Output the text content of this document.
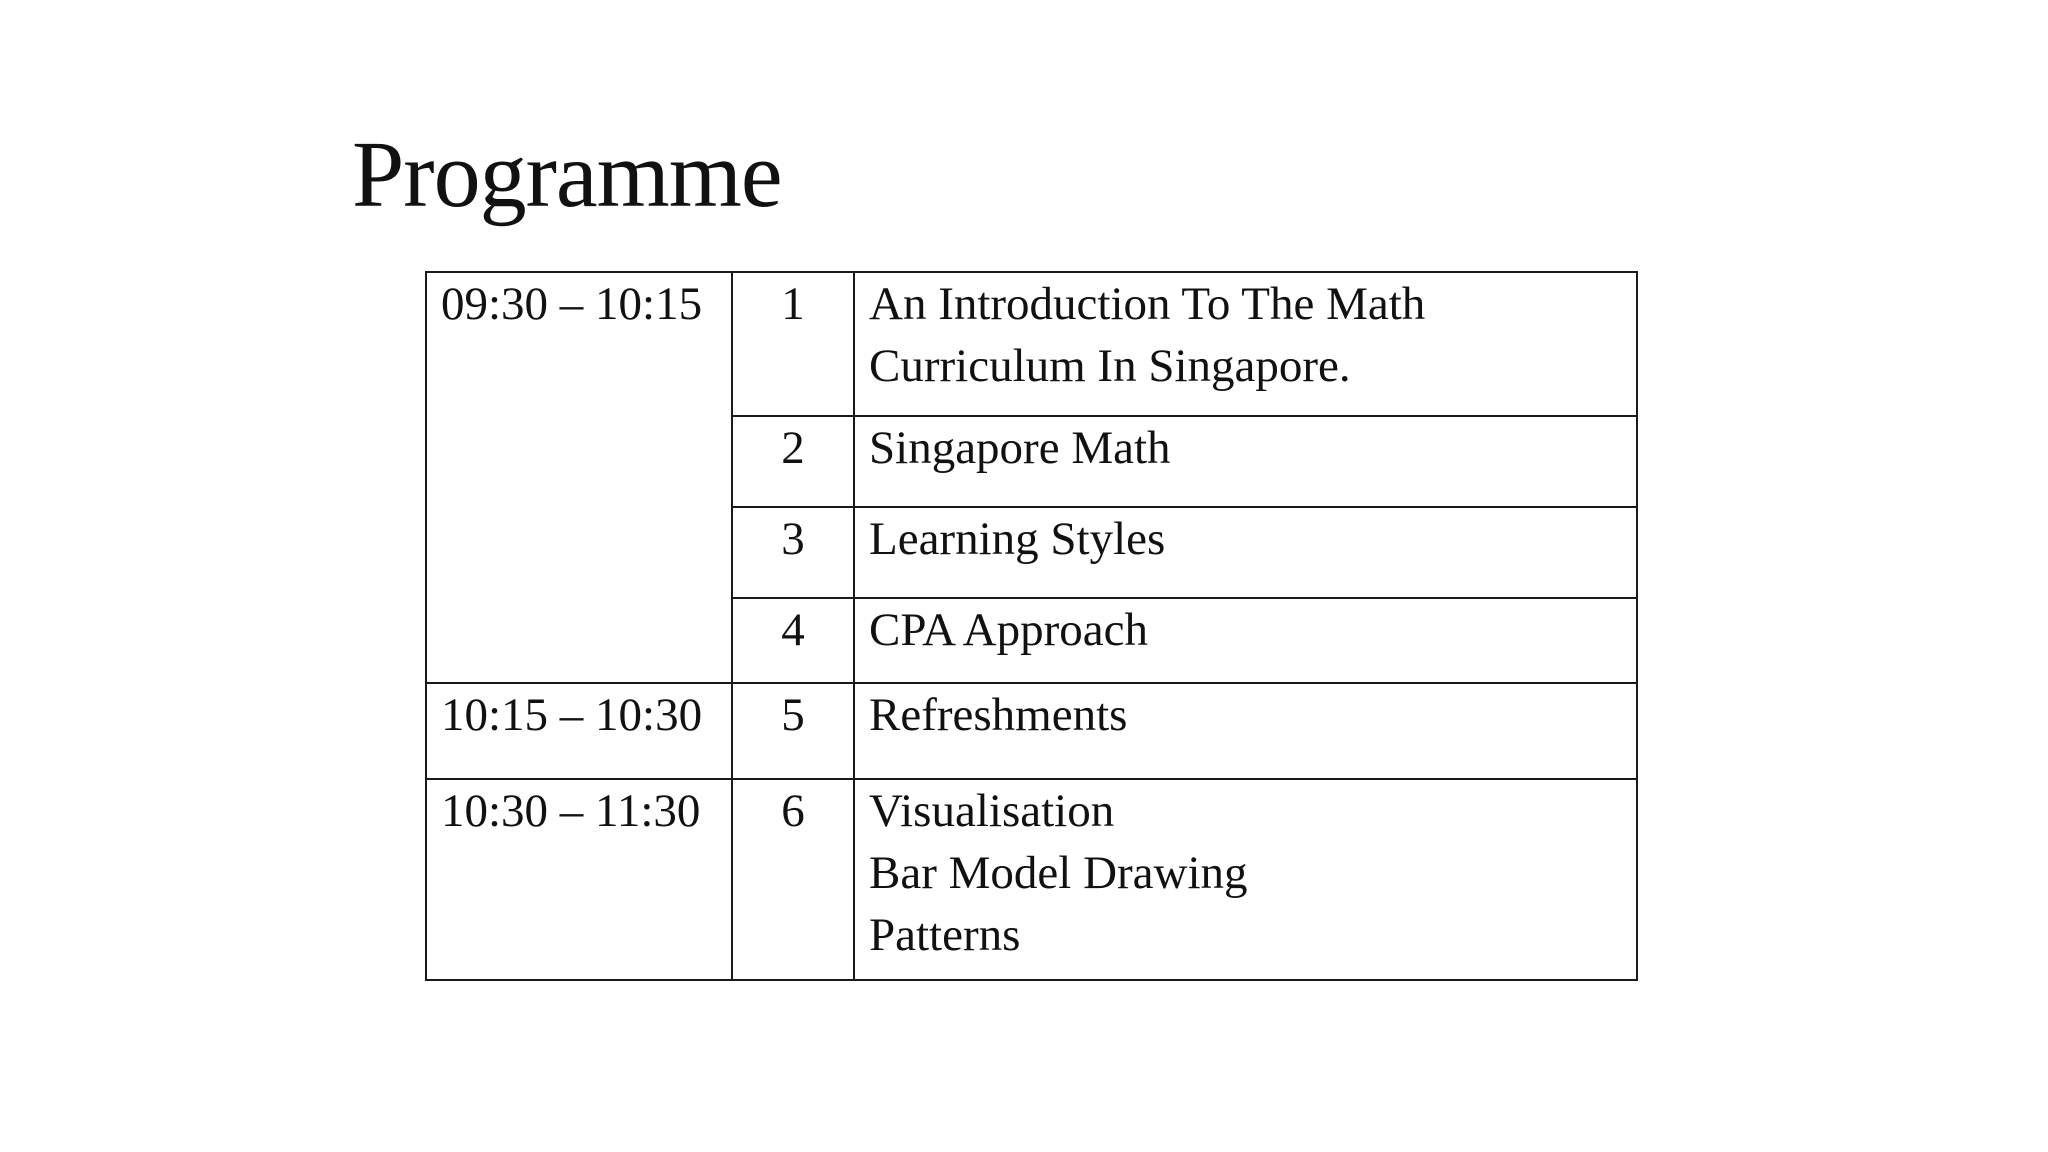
Programme
09:30 – 10:15	1	An Introduction To The Math
Curriculum In Singapore.

	2	Singapore Math

	3	Learning Styles

	4	CPA Approach

10:15 – 10:30	5	Refreshments

10:30 – 11:30	6	Visualisation
Bar Model Drawing
Patterns
